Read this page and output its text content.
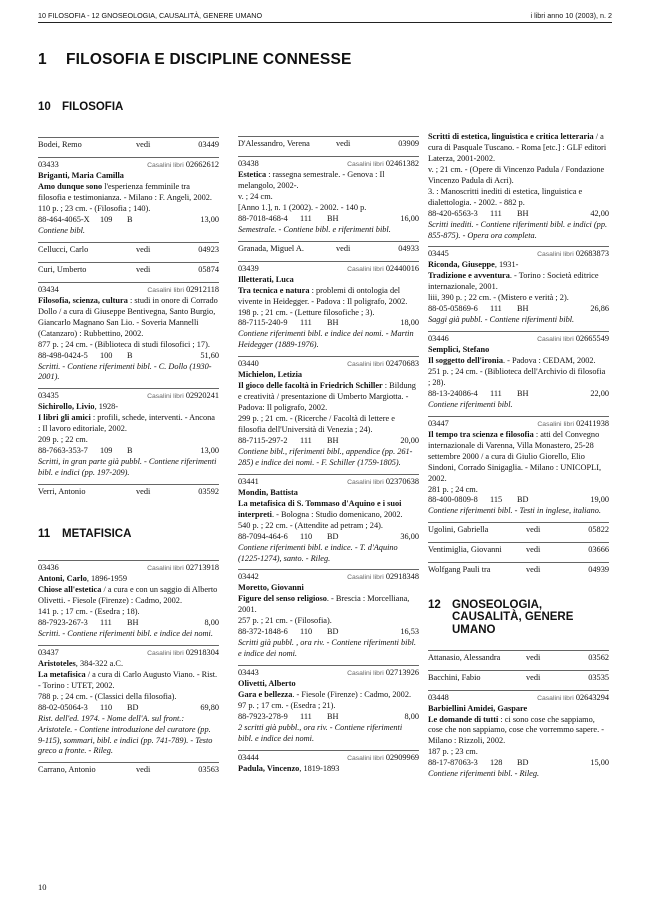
10 FILOSOFIA - 12 GNOSEOLOGIA, CAUSALITÀ, GENERE UMANO	i libri anno 10 (2003), n. 2
1 FILOSOFIA E DISCIPLINE CONNESSE
10 FILOSOFIA
Bodei, Remo	vedi	03449
03433	Casalini libri 02662612
Briganti, Maria Camilla
Amo dunque sono l'esperienza femminile tra filosofia e testimonianza. - Milano : F. Angeli, 2002.
110 p. ; 23 cm. - (Filosofia ; 140).
88-464-4065-X 109 B	13,00
Contiene bibl.
Cellucci, Carlo	vedi	04923
Curi, Umberto	vedi	05874
03434	Casalini libri 02912118
Filosofia, scienza, cultura : studi in onore di Corrado Dollo / a cura di Giuseppe Bentivegna, Santo Burgio, Giancarlo Magnano San Lio. - Soveria Mannelli (Catanzaro) : Rubbettino, 2002.
877 p. ; 24 cm. - (Biblioteca di studi filosofici ; 17).
88-498-0424-5 100 B	51,60
Scritti. - Contiene riferimenti bibl. - C. Dollo (1930-2001).
03435	Casalini libri 02920241
Sichirollo, Livio, 1928-
I libri gli amici : profili, schede, interventi. - Ancona : Il lavoro editoriale, 2002.
209 p. ; 22 cm.
88-7663-353-7 109 B	13,00
Scritti, in gran parte già pubbl. - Contiene riferimenti bibl. e indici (pp. 197-209).
Verri, Antonio	vedi	03592
11 METAFISICA
03436	Casalini libri 02713918
Antoni, Carlo, 1896-1959
Chiose all'estetica / a cura e con un saggio di Alberto Olivetti. - Fiesole (Firenze) : Cadmo, 2002.
141 p. ; 17 cm. - (Esedra ; 18).
88-7923-267-3 111 BH	8,00
Scritti. - Contiene riferimenti bibl. e indice dei nomi.
03437	Casalini libri 02918304
Aristoteles, 384-322 a.C.
La metafisica / a cura di Carlo Augusto Viano. - Rist. - Torino : UTET, 2002.
788 p. ; 24 cm. - (Classici della filosofia).
88-02-05064-3 110 BD	69,80
Rist. dell'ed. 1974. - Nome dell'A. sul front.: Aristotele. - Contiene introduzione del curatore (pp. 9-115), sommari, bibl. e indici (pp. 741-789). - Testo greco a fronte. - Rileg.
Carrano, Antonio	vedi	03563
D'Alessandro, Verena	vedi	03909
03438	Casalini libri 02461382
Estetica : rassegna semestrale. - Genova : Il melangolo, 2002-.
v. ; 24 cm.
[Anno 1.], n. 1 (2002). - 2002. - 140 p.
88-7018-468-4 111 BH	16,00
Semestrale. - Contiene bibl. e riferimenti bibl.
Granada, Miguel A.	vedi	04933
03439	Casalini libri 02440016
Illetterati, Luca
Tra tecnica e natura : problemi di ontologia del vivente in Heidegger. - Padova : Il poligrafo, 2002.
198 p. ; 21 cm. - (Letture filosofiche ; 3).
88-7115-240-9 111 BH	18,00
Contiene riferimenti bibl. e indice dei nomi. - Martin Heidegger (1889-1976).
03440	Casalini libri 02470683
Michielon, Letizia
Il gioco delle facoltà in Friedrich Schiller : Bildung e creatività / presentazione di Umberto Margiotta. - Padova: Il poligrafo, 2002.
299 p. ; 21 cm. - (Ricerche / Facoltà di lettere e filosofia dell'Università di Venezia ; 24).
88-7115-297-2 111 BH	20,00
Contiene bibl., riferimenti bibl., appendice (pp. 261-285) e indice dei nomi. - F. Schiller (1759-1805).
03441	Casalini libri 02370638
Mondin, Battista
La metafisica di S. Tommaso d'Aquino e i suoi interpreti. - Bologna : Studio domenicano, 2002.
540 p. ; 22 cm. - (Attendite ad petram ; 24).
88-7094-464-6 110 BD	36,00
Contiene riferimenti bibl. e indice. - T. d'Aquino (1225-1274), santo. - Rileg.
03442	Casalini libri 02918348
Moretto, Giovanni
Figure del senso religioso. - Brescia : Morcelliana, 2001.
257 p. ; 21 cm. - (Filosofia).
88-372-1848-6 110 BD	16,53
Scritti già pubbl. , ora riv. - Contiene riferimenti bibl. e indice dei nomi.
03443	Casalini libri 02713926
Olivetti, Alberto
Gara e bellezza. - Fiesole (Firenze) : Cadmo, 2002.
97 p. ; 17 cm. - (Esedra ; 21).
88-7923-278-9 111 BH	8,00
2 scritti già pubbl., ora riv. - Contiene riferimenti bibl. e indice dei nomi.
03444	Casalini libri 02909969
Padula, Vincenzo, 1819-1893
Scritti di estetica, linguistica e critica letteraria / a cura di Pasquale Tuscano. - Roma [etc.] : GLF editori Laterza, 2001-2002.
v. ; 21 cm. - (Opere di Vincenzo Padula / Fondazione Vincenzo Padula di Acri).
3. : Manoscritti inediti di estetica, linguistica e dialettologia. - 2002. - 882 p.
88-420-6563-3 111 BH	42,00
Scritti inediti. - Contiene riferimenti bibl. e indici (pp. 855-875). - Opera ora completa.
03445	Casalini libri 02683873
Riconda, Giuseppe, 1931-
Tradizione e avventura. - Torino : Società editrice internazionale, 2001.
liii, 390 p. ; 22 cm. - (Mistero e verità ; 2).
88-05-05869-6 111 BH	26,86
Saggi già pubbl. - Contiene riferimenti bibl.
03446	Casalini libri 02665549
Semplici, Stefano
Il soggetto dell'ironia. - Padova : CEDAM, 2002.
251 p. ; 24 cm. - (Biblioteca dell'Archivio di filosofia ; 28).
88-13-24086-4 111 BH	22,00
Contiene riferimenti bibl.
03447	Casalini libri 02411938
Il tempo tra scienza e filosofia : atti del Convegno internazionale di Varenna, Villa Monastero, 25-28 settembre 2000 / a cura di Giulio Giorello, Elio Sindoni, Corrado Sinigaglia. - Milano : UNICOPLI, 2002.
281 p. ; 24 cm.
88-400-0809-8 115 BD	19,00
Contiene riferimenti bibl. - Testi in inglese, italiano.
Ugolini, Gabriella	vedi	05822
Ventimiglia, Giovanni	vedi	03666
Wolfgang Pauli tra	vedi	04939
12 GNOSEOLOGIA, CAUSALITÀ, GENERE UMANO
Attanasio, Alessandra	vedi	03562
Bacchini, Fabio	vedi	03535
03448	Casalini libri 02643294
Barbiellini Amidei, Gaspare
Le domande di tutti : ci sono cose che sappiamo, cose che non sappiamo, cose che vorremmo sapere. - Milano : Rizzoli, 2002.
187 p. ; 23 cm.
88-17-87063-3 128 BD	15,00
Contiene riferimenti bibl. - Rileg.
10
